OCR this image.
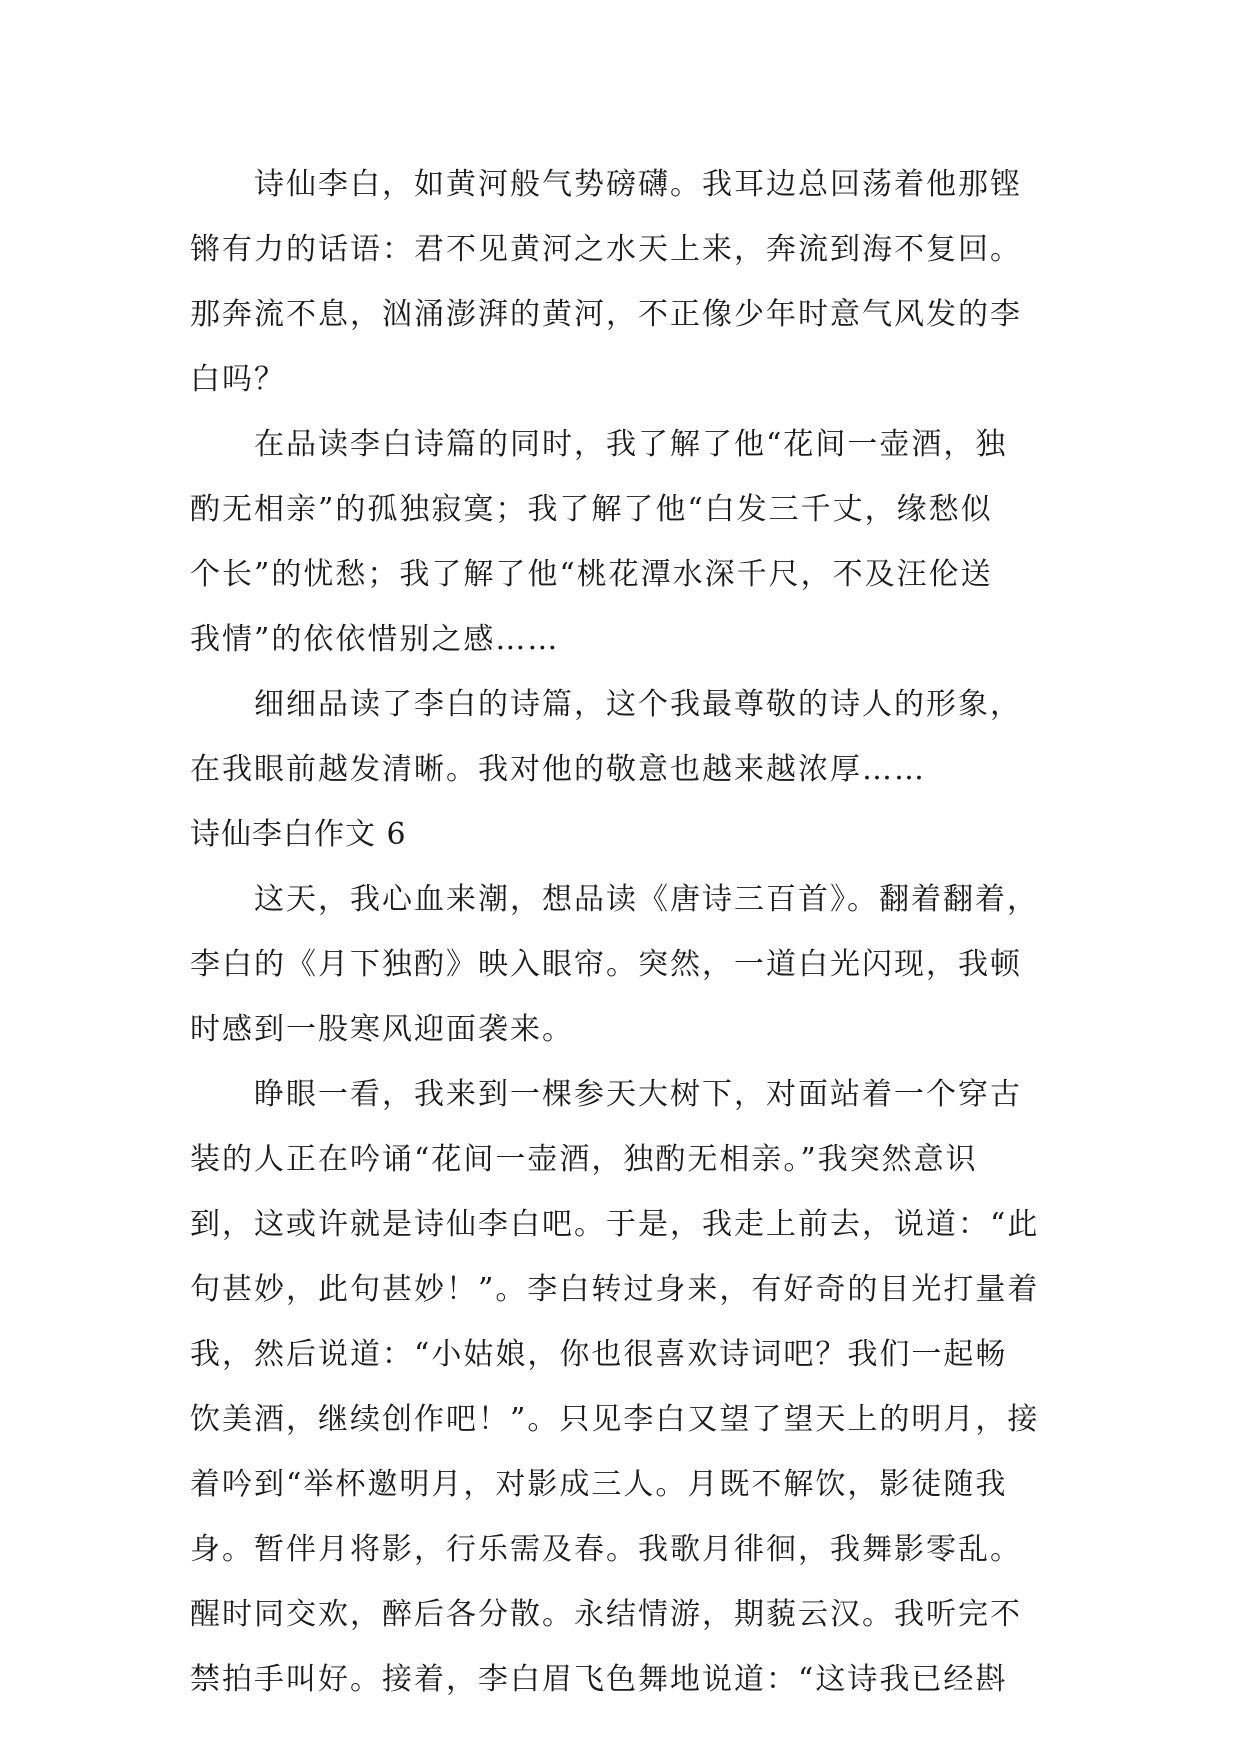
诗仙李白，如黄河般气势磅礴。我耳边总回荡着他那铿
锵有力的话语：君不见黄河之水天上来，奔流到海不复回。
那奔流不息，汹涌澎湃的黄河，不正像少年时意气风发的李
白吗？
在品读李白诗篇的同时，我了解了他“花间一壶酒，独
酌无相亲”的孤独寂寞；我了解了他“白发三千丈，缘愁似
个长”的忧愁；我了解了他“桃花潭水深千尺，不及汪伦送
我情”的依依惜别之感……
细细品读了李白的诗篇，这个我最尊敬的诗人的形象，
在我眼前越发清晰。我对他的敬意也越来越浓厚……
诗仙李白作文 6
这天，我心血来潮，想品读《唐诗三百首》。翻着翻着，
李白的《月下独酌》映入眼帘。突然，一道白光闪现，我顿
时感到一股寒风迎面袭来。
睁眼一看，我来到一棵参天大树下，对面站着一个穿古
装的人正在吟诵“花间一壶酒，独酌无相亲。”我突然意识
到，这或许就是诗仙李白吧。于是，我走上前去，说道：“此
句甚妙，此句甚妙！”。李白转过身来，有好奇的目光打量着
我，然后说道：“小姑娘，你也很喜欢诗词吧？我们一起畅
饮美酒，继续创作吧！”。只见李白又望了望天上的明月，接
着吟到“举杯邀明月，对影成三人。月既不解饮，影徒随我
身。暂伴月将影，行乐需及春。我歌月徘徊，我舞影零乱。
醒时同交欢，醉后各分散。永结情游，期藐云汉。我听完不
禁拍手叫好。接着，李白眉飞色舞地说道：“这诗我已经斟
